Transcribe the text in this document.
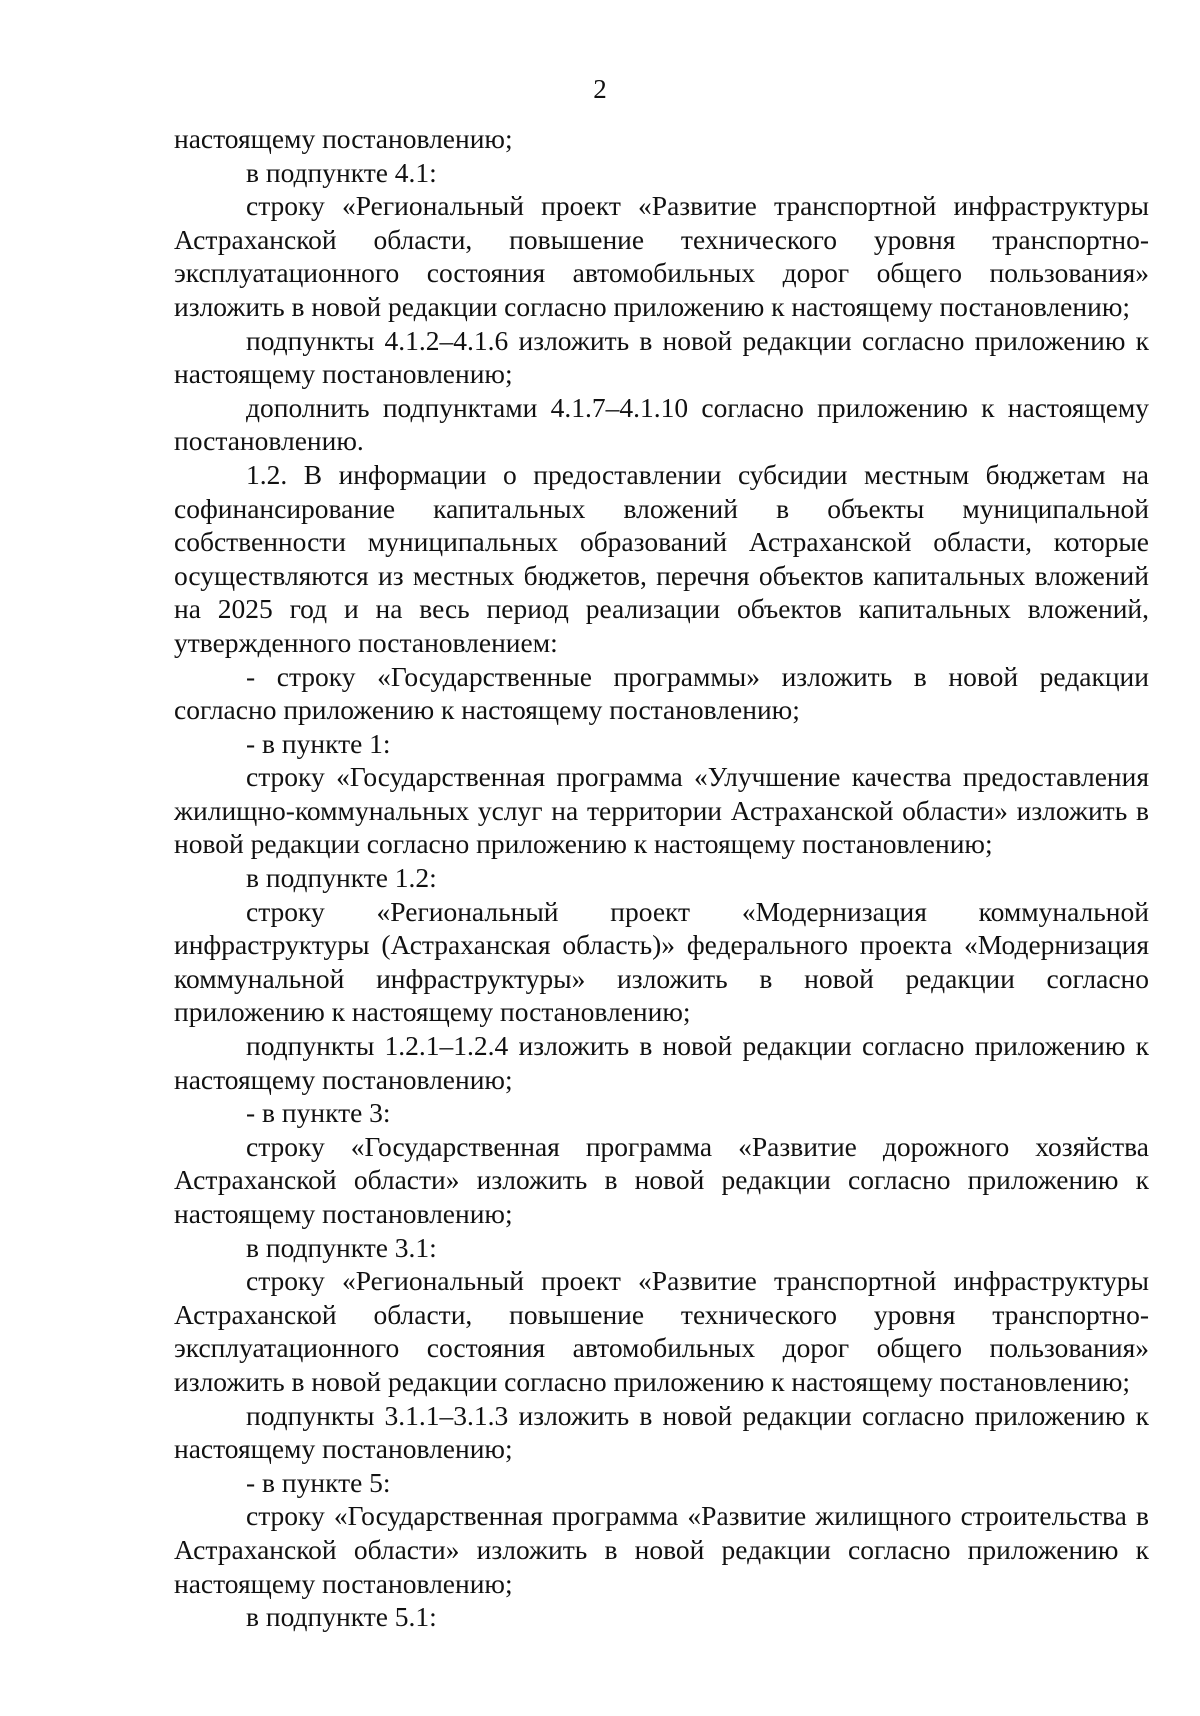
2

настоящему постановлению;

в подпункте 4.1:

строку «Региональный проект «Развитие транспортной инфраструктуры Астраханской области, повышение технического уровня транспортно-эксплуатационного состояния автомобильных дорог общего пользования» изложить в новой редакции согласно приложению к настоящему постановлению;

подпункты 4.1.2–4.1.6 изложить в новой редакции согласно приложению к настоящему постановлению;

дополнить подпунктами 4.1.7–4.1.10 согласно приложению к настоящему постановлению.

1.2. В информации о предоставлении субсидии местным бюджетам на софинансирование капитальных вложений в объекты муниципальной собственности муниципальных образований Астраханской области, которые осуществляются из местных бюджетов, перечня объектов капитальных вложений на 2025 год и на весь период реализации объектов капитальных вложений, утвержденного постановлением:

- строку «Государственные программы» изложить в новой редакции согласно приложению к настоящему постановлению;

- в пункте 1:

строку «Государственная программа «Улучшение качества предоставления жилищно-коммунальных услуг на территории Астраханской области» изложить в новой редакции согласно приложению к настоящему постановлению;

в подпункте 1.2:

строку «Региональный проект «Модернизация коммунальной инфраструктуры (Астраханская область)» федерального проекта «Модернизация коммунальной инфраструктуры» изложить в новой редакции согласно приложению к настоящему постановлению;

подпункты 1.2.1–1.2.4 изложить в новой редакции согласно приложению к настоящему постановлению;

- в пункте 3:

строку «Государственная программа «Развитие дорожного хозяйства Астраханской области» изложить в новой редакции согласно приложению к настоящему постановлению;

в подпункте 3.1:

строку «Региональный проект «Развитие транспортной инфраструктуры Астраханской области, повышение технического уровня транспортно-эксплуатационного состояния автомобильных дорог общего пользования» изложить в новой редакции согласно приложению к настоящему постановлению;

подпункты 3.1.1–3.1.3 изложить в новой редакции согласно приложению к настоящему постановлению;

- в пункте 5:

строку «Государственная программа «Развитие жилищного строительства в Астраханской области» изложить в новой редакции согласно приложению к настоящему постановлению;

в подпункте 5.1:
